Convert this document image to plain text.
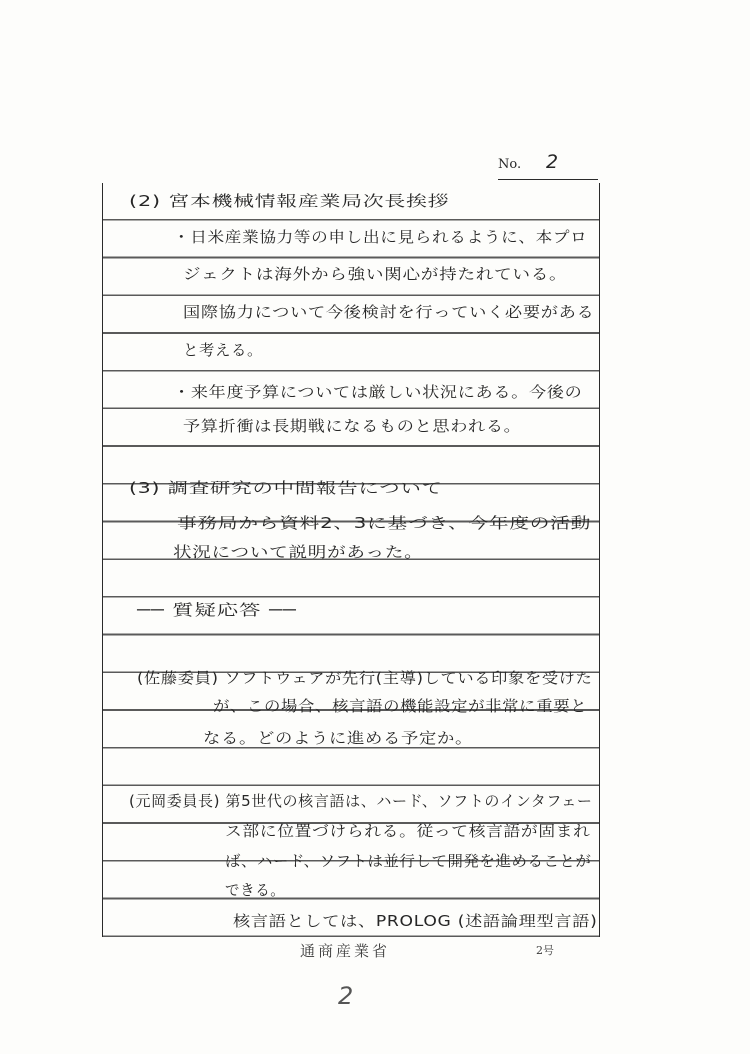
No. 2
(2) 宮本機械情報産業局次長挨拶
・日米産業協力等の申し出に見られるように、本プロ
ジェクトは海外から強い関心が持たれている。
国際協力について今後検討を行っていく必要がある
と考える。
・来年度予算については厳しい状況にある。今後の
予算折衝は長期戦になるものと思われる。
(3) 調査研究の中間報告について
事務局から資料2、3に基づき、今年度の活動
状況について説明があった。
── 質疑応答 ──
(佐藤委員) ソフトウェアが先行(主導)している印象を受けた
が、この場合、核言語の機能設定が非常に重要と
なる。どのように進める予定か。
(元岡委員長) 第5世代の核言語は、ハード、ソフトのインタフェー
ス部に位置づけられる。従って核言語が固まれ
ば、ハード、ソフトは並行して開発を進めることが
できる。
核言語としては、PROLOG (述語論理型言語)
通商産業省	2号
2
